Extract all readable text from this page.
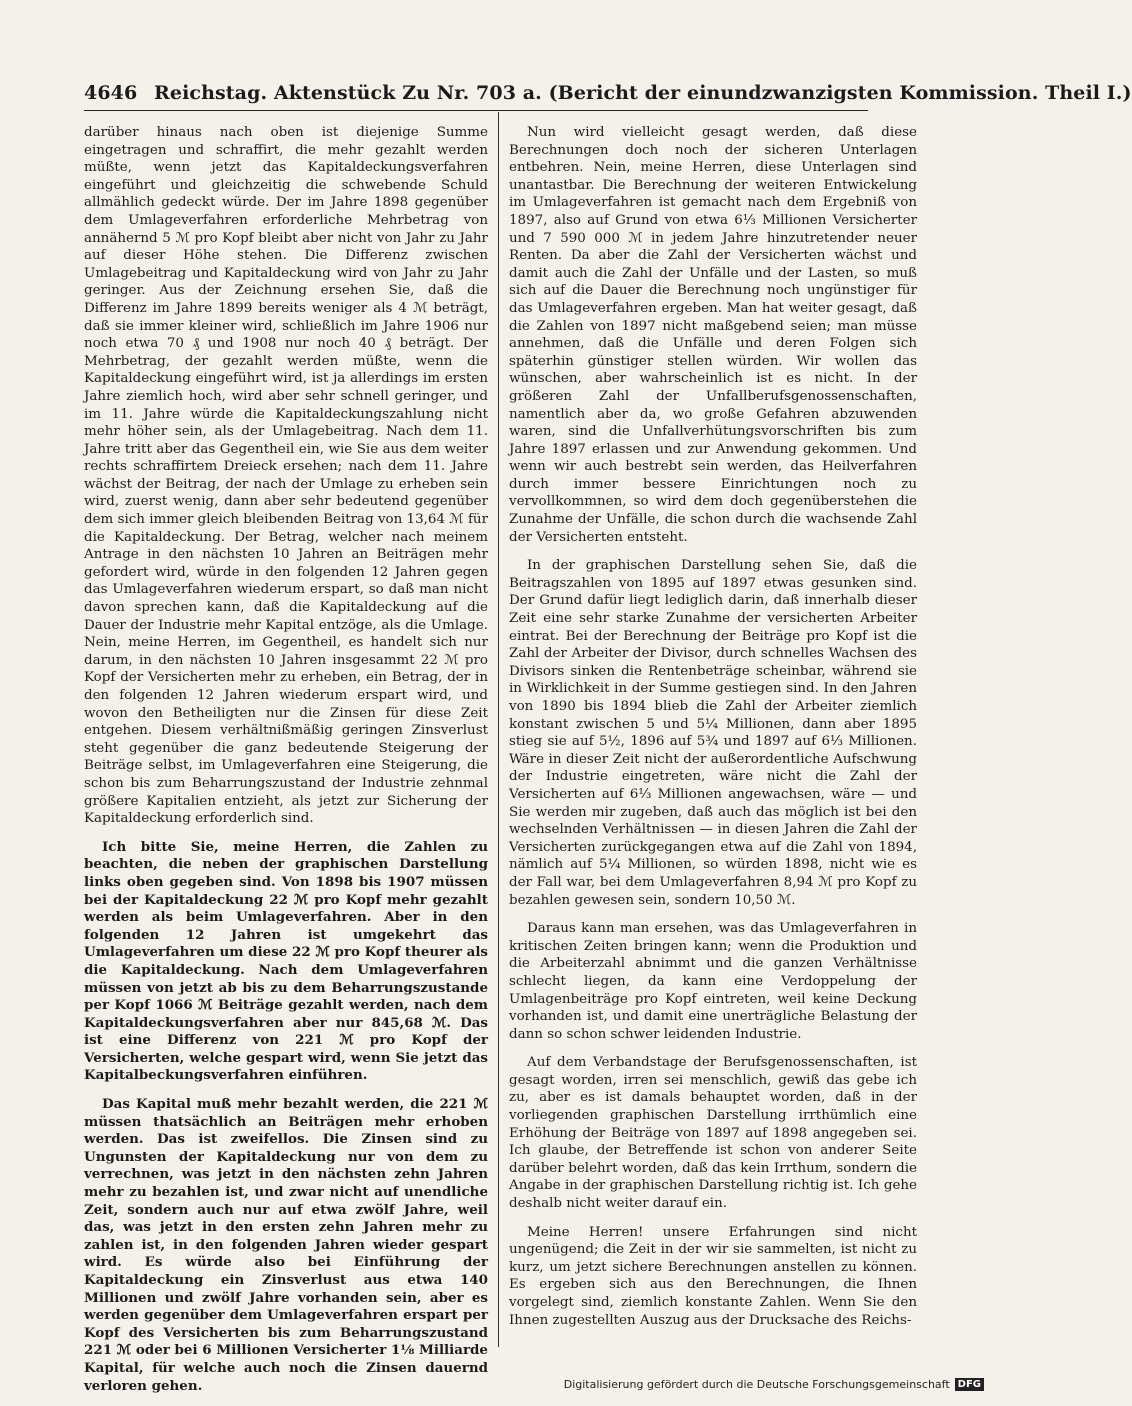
4646 Reichstag. Aktenstück Zu Nr. 703 a. (Bericht der einundzwanzigsten Kommission. Theil I.)

darüber hinaus nach oben ist diejenige Summe eingetragen und schraffirt, die mehr gezahlt werden müßte, wenn jetzt das Kapitaldeckungsverfahren eingeführt und gleichzeitig die schwebende Schuld allmählich gedeckt würde. Der im Jahre 1898 gegenüber dem Umlageverfahren erforderliche Mehrbetrag von annähernd 5 ℳ pro Kopf bleibt aber nicht von Jahr zu Jahr auf dieser Höhe stehen. Die Differenz zwischen Umlagebeitrag und Kapitaldeckung wird von Jahr zu Jahr geringer. Aus der Zeichnung ersehen Sie, daß die Differenz im Jahre 1899 bereits weniger als 4 ℳ beträgt, daß sie immer kleiner wird, schließlich im Jahre 1906 nur noch etwa 70 ₰ und 1908 nur noch 40 ₰ beträgt. Der Mehrbetrag, der gezahlt werden müßte, wenn die Kapitaldeckung eingeführt wird, ist ja allerdings im ersten Jahre ziemlich hoch, wird aber sehr schnell geringer, und im 11. Jahre würde die Kapitaldeckungszahlung nicht mehr höher sein, als der Umlagebeitrag. Nach dem 11. Jahre tritt aber das Gegentheil ein, wie Sie aus dem weiter rechts schraffirtem Dreieck ersehen; nach dem 11. Jahre wächst der Beitrag, der nach der Umlage zu erheben sein wird, zuerst wenig, dann aber sehr bedeutend gegenüber dem sich immer gleich bleibenden Beitrag von 13,64 ℳ für die Kapitaldeckung. Der Betrag, welcher nach meinem Antrage in den nächsten 10 Jahren an Beiträgen mehr gefordert wird, würde in den folgenden 12 Jahren gegen das Umlageverfahren wiederum erspart, so daß man nicht davon sprechen kann, daß die Kapitaldeckung auf die Dauer der Industrie mehr Kapital entzöge, als die Umlage. Nein, meine Herren, im Gegentheil, es handelt sich nur darum, in den nächsten 10 Jahren insgesammt 22 ℳ pro Kopf der Versicherten mehr zu erheben, ein Betrag, der in den folgenden 12 Jahren wiederum erspart wird, und wovon den Betheiligten nur die Zinsen für diese Zeit entgehen. Diesem verhältnißmäßig geringen Zinsverlust steht gegenüber die ganz bedeutende Steigerung der Beiträge selbst, im Umlageverfahren eine Steigerung, die schon bis zum Beharrungszustand der Industrie zehnmal größere Kapitalien entzieht, als jetzt zur Sicherung der Kapitaldeckung erforderlich sind.

Ich bitte Sie, meine Herren, die Zahlen zu beachten, die neben der graphischen Darstellung links oben gegeben sind. Von 1898 bis 1907 müssen bei der Kapitaldeckung 22 ℳ pro Kopf mehr gezahlt werden als beim Umlageverfahren. Aber in den folgenden 12 Jahren ist umgekehrt das Umlageverfahren um diese 22 ℳ pro Kopf theurer als die Kapitaldeckung. Nach dem Umlageverfahren müssen von jetzt ab bis zu dem Beharrungszustande per Kopf 1066 ℳ Beiträge gezahlt werden, nach dem Kapitaldeckungsverfahren aber nur 845,68 ℳ. Das ist eine Differenz von 221 ℳ pro Kopf der Versicherten, welche gespart wird, wenn Sie jetzt das Kapitalbeckungsverfahren einführen.

Das Kapital muß mehr bezahlt werden, die 221 ℳ müssen thatsächlich an Beiträgen mehr erhoben werden. Das ist zweifellos. Die Zinsen sind zu Ungunsten der Kapitaldeckung nur von dem zu verrechnen, was jetzt in den nächsten zehn Jahren mehr zu bezahlen ist, und zwar nicht auf unendliche Zeit, sondern auch nur auf etwa zwölf Jahre, weil das, was jetzt in den ersten zehn Jahren mehr zu zahlen ist, in den folgenden Jahren wieder gespart wird. Es würde also bei Einführung der Kapitaldeckung ein Zinsverlust aus etwa 140 Millionen und zwölf Jahre vorhanden sein, aber es werden gegenüber dem Umlageverfahren erspart per Kopf des Versicherten bis zum Beharrungszustand 221 ℳ oder bei 6 Millionen Versicherter 1⅛ Milliarde Kapital, für welche auch noch die Zinsen dauernd verloren gehen.

Nun wird vielleicht gesagt werden, daß diese Berechnungen doch noch der sicheren Unterlagen entbehren. Nein, meine Herren, diese Unterlagen sind unantastbar. Die Berechnung der weiteren Entwickelung im Umlageverfahren ist gemacht nach dem Ergebniß von 1897, also auf Grund von etwa 6⅓ Millionen Versicherter und 7 590 000 ℳ in jedem Jahre hinzutretender neuer Renten. Da aber die Zahl der Versicherten wächst und damit auch die Zahl der Unfälle und der Lasten, so muß sich auf die Dauer die Berechnung noch ungünstiger für das Umlageverfahren ergeben. Man hat weiter gesagt, daß die Zahlen von 1897 nicht maßgebend seien; man müsse annehmen, daß die Unfälle und deren Folgen sich späterhin günstiger stellen würden. Wir wollen das wünschen, aber wahrscheinlich ist es nicht. In der größeren Zahl der Unfallberufsgenossenschaften, namentlich aber da, wo große Gefahren abzuwenden waren, sind die Unfallverhütungsvorschriften bis zum Jahre 1897 erlassen und zur Anwendung gekommen. Und wenn wir auch bestrebt sein werden, das Heilverfahren durch immer bessere Einrichtungen noch zu vervollkommnen, so wird dem doch gegenüberstehen die Zunahme der Unfälle, die schon durch die wachsende Zahl der Versicherten entsteht.

In der graphischen Darstellung sehen Sie, daß die Beitragszahlen von 1895 auf 1897 etwas gesunken sind. Der Grund dafür liegt lediglich darin, daß innerhalb dieser Zeit eine sehr starke Zunahme der versicherten Arbeiter eintrat. Bei der Berechnung der Beiträge pro Kopf ist die Zahl der Arbeiter der Divisor, durch schnelles Wachsen des Divisors sinken die Rentenbeträge scheinbar, während sie in Wirklichkeit in der Summe gestiegen sind. In den Jahren von 1890 bis 1894 blieb die Zahl der Arbeiter ziemlich konstant zwischen 5 und 5¼ Millionen, dann aber 1895 stieg sie auf 5½, 1896 auf 5¾ und 1897 auf 6⅓ Millionen. Wäre in dieser Zeit nicht der außerordentliche Aufschwung der Industrie eingetreten, wäre nicht die Zahl der Versicherten auf 6⅓ Millionen angewachsen, wäre — und Sie werden mir zugeben, daß auch das möglich ist bei den wechselnden Verhältnissen — in diesen Jahren die Zahl der Versicherten zurückgegangen etwa auf die Zahl von 1894, nämlich auf 5¼ Millionen, so würden 1898, nicht wie es der Fall war, bei dem Umlageverfahren 8,94 ℳ pro Kopf zu bezahlen gewesen sein, sondern 10,50 ℳ.

Daraus kann man ersehen, was das Umlageverfahren in kritischen Zeiten bringen kann; wenn die Produktion und die Arbeiterzahl abnimmt und die ganzen Verhältnisse schlecht liegen, da kann eine Verdoppelung der Umlagenbeiträge pro Kopf eintreten, weil keine Deckung vorhanden ist, und damit eine unerträgliche Belastung der dann so schon schwer leidenden Industrie.

Auf dem Verbandstage der Berufsgenossenschaften, ist gesagt worden, irren sei menschlich, gewiß das gebe ich zu, aber es ist damals behauptet worden, daß in der vorliegenden graphischen Darstellung irrthümlich eine Erhöhung der Beiträge von 1897 auf 1898 angegeben sei. Ich glaube, der Betreffende ist schon von anderer Seite darüber belehrt worden, daß das kein Irrthum, sondern die Angabe in der graphischen Darstellung richtig ist. Ich gehe deshalb nicht weiter darauf ein.

Meine Herren! unsere Erfahrungen sind nicht ungenügend; die Zeit in der wir sie sammelten, ist nicht zu kurz, um jetzt sichere Berechnungen anstellen zu können. Es ergeben sich aus den Berechnungen, die Ihnen vorgelegt sind, ziemlich konstante Zahlen. Wenn Sie den Ihnen zugestellten Auszug aus der Drucksache des Reichs-

Digitalisierung gefördert durch die Deutsche Forschungsgemeinschaft DFG
